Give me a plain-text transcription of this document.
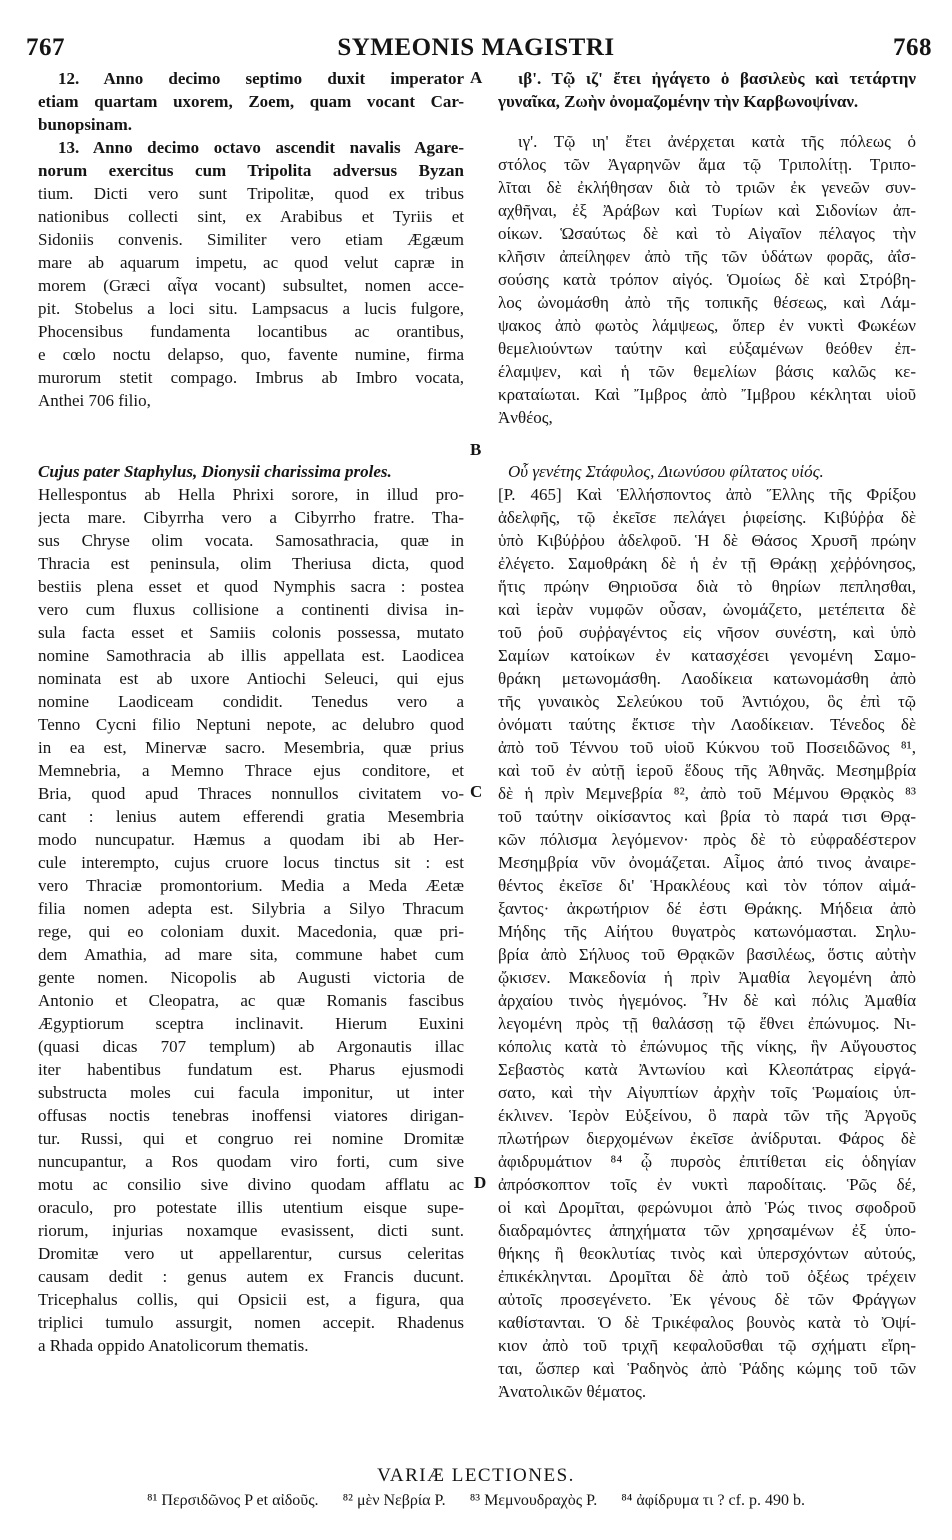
767	SYMEONIS MAGISTRI	768
12. Anno decimo septimo duxit imperator
etiam quartam uxorem, Zoem, quam vocant Car-
bunopsinam.
13. Anno decimo octavo ascendit navalis Agare-
norum exercitus cum Tripolita adversus Byzan
tium. Dicti vero sunt Tripolitæ, quod ex tribus
nationibus collecti sint, ex Arabibus et Tyriis et
Sidoniis convenis. Similiter vero etiam Ægæum
mare ab aquarum impetu, ac quod velut capræ in
morem (Græci αἶγα vocant) subsultet, nomen acce-
pit. Stobelus a loci situ. Lampsacus a lucis fulgore,
Phocensibus fundamenta locantibus ac orantibus,
e cœlo noctu delapso, quo, favente numine, firma
murorum stetit compago. Imbrus ab Imbro vocata,
Anthei 706 filio,
Cujus pater Staphylus, Dionysii charissima proles.
Hellespontus ab Hella Phrixi sorore, in illud pro-
jecta mare. Cibyrrha vero a Cibyrrho fratre. Tha-
sus Chryse olim vocata. Samosathracia, quæ in
Thracia est peninsula, olim Theriusa dicta, quod
bestiis plena esset et quod Nymphis sacra : postea
vero cum fluxus collisione a continenti divisa in-
sula facta esset et Samiis colonis possessa, mutato
nomine Samothracia ab illis appellata est. Laodicea
nominata est ab uxore Antiochi Seleuci, qui ejus
nomine Laodiceam condidit. Tenedus vero a
Tenno Cycni filio Neptuni nepote, ac delubro quod
in ea est, Minervæ sacro. Mesembria, quæ prius
Memnebria, a Memno Thrace ejus conditore, et
Bria, quod apud Thraces nonnullos civitatem vo-
cant : lenius autem efferendi gratia Mesembria
modo nuncupatur. Hæmus a quodam ibi ab Her-
cule interempto, cujus cruore locus tinctus sit : est
vero Thraciæ promontorium. Media a Meda Æetæ
filia nomen adepta est. Silybria a Silyo Thracum
rege, qui eo coloniam duxit. Macedonia, quæ pri-
dem Amathia, ad mare sita, commune habet cum
gente nomen. Nicopolis ab Augusti victoria de
Antonio et Cleopatra, ac quæ Romanis fascibus
Ægyptiorum sceptra inclinavit. Hierum Euxini
(quasi dicas 707 templum) ab Argonautis illac
iter habentibus fundatum est. Pharus ejusmodi
substructa moles cui facula imponitur, ut inter
offusas noctis tenebras inoffensi viatores dirigan-
tur. Russi, qui et congruo rei nomine Dromitæ
nuncupantur, a Ros quodam viro forti, cum sive
motu ac consilio sive divino quodam afflatu ac
oraculo, pro potestate illis utentium eisque supe-
riorum, injurias noxamque evasissent, dicti sunt.
Dromitæ vero ut appellarentur, cursus celeritas
causam dedit : genus autem ex Francis ducunt.
Tricephalus collis, qui Opsicii est, a figura, qua
triplici tumulo assurgit, nomen accepit. Rhadenus
a Rhada oppido Anatolicorum thematis.
A
B
C
D
ιβ'. Τῷ ιζ' ἔτει ἠγάγετο ὁ βασιλεὺς καὶ τετάρτην
γυναῖκα, Ζωὴν ὀνομαζομένην τὴν Καρβωνοψίναν.
ιγ'. Τῷ ιη' ἔτει ἀνέρχεται κατὰ τῆς πόλεως ὁ
στόλος τῶν Ἀγαρηνῶν ἅμα τῷ Τριπολίτῃ. Τριπο-
λῖται δὲ ἐκλήθησαν διὰ τὸ τριῶν ἐκ γενεῶν συν-
αχθῆναι, ἐξ Ἀράβων καὶ Τυρίων καὶ Σιδονίων ἀπ-
οίκων. Ὡσαύτως δὲ καὶ τὸ Αἰγαῖον πέλαγος τὴν
κλῆσιν ἀπείληφεν ἀπὸ τῆς τῶν ὑδάτων φορᾶς, ἀΐσ-
σούσης κατὰ τρόπον αἰγός. Ὁμοίως δὲ καὶ Στρόβη-
λος ὠνομάσθη ἀπὸ τῆς τοπικῆς θέσεως, καὶ Λάμ-
ψακος ἀπὸ φωτὸς λάμψεως, ὅπερ ἐν νυκτὶ Φωκέων
θεμελιούντων ταύτην καὶ εὐξαμένων θεόθεν ἐπ-
έλαμψεν, καὶ ἡ τῶν θεμελίων βάσις καλῶς κε-
κραταίωται. Καὶ Ἴμβρος ἀπὸ Ἴμβρου κέκληται υἱοῦ
Ἀνθέος,
Οὗ γενέτης Στάφυλος, Διωνύσου φίλτατος υἱός.
[P. 465] Καὶ Ἑλλήσποντος ἀπὸ Ἕλλης τῆς Φρίξου
ἀδελφῆς, τῷ ἐκεῖσε πελάγει ῥιφείσης. Κιβύῤῥα δὲ
ὑπὸ Κιβύῤῥου ἀδελφοῦ. Ἡ δὲ Θάσος Χρυσῆ πρώην
ἐλέγετο. Σαμοθράκη δὲ ἡ ἐν τῇ Θράκῃ χεῤῥόνησος,
ἥτις πρώην Θηριοῦσα διὰ τὸ θηρίων πεπλησθαι,
καὶ ἱερὰν νυμφῶν οὖσαν, ὠνομάζετο, μετέπειτα δὲ
τοῦ ῥοῦ συῤῥαγέντος εἰς νῆσον συνέστη, καὶ ὑπὸ
Σαμίων κατοίκων ἐν κατασχέσει γενομένη Σαμο-
θράκη μετωνομάσθη. Λαοδίκεια κατωνομάσθη ἀπὸ
τῆς γυναικὸς Σελεύκου τοῦ Ἀντιόχου, ὃς ἐπὶ τῷ
ὀνόματι ταύτης ἔκτισε τὴν Λαοδίκειαν. Τένεδος δὲ
ἀπὸ τοῦ Τέννου τοῦ υἱοῦ Κύκνου τοῦ Ποσειδῶνος ⁸¹,
καὶ τοῦ ἐν αὐτῇ ἱεροῦ ἕδους τῆς Ἀθηνᾶς. Μεσημβρία
δὲ ἡ πρὶν Μεμνεβρία ⁸², ἀπὸ τοῦ Μέμνου Θρᾳκὸς ⁸³
τοῦ ταύτην οἰκίσαντος καὶ βρία τὸ παρά τισι Θρᾳ-
κῶν πόλισμα λεγόμενον· πρὸς δὲ τὸ εὐφραδέστερον
Μεσημβρία νῦν ὀνομάζεται. Αἶμος ἀπό τινος ἀναιρε-
θέντος ἐκεῖσε δι' Ἡρακλέους καὶ τὸν τόπον αἱμά-
ξαντος· ἀκρωτήριον δέ ἐστι Θράκης. Μήδεια ἀπὸ
Μήδης τῆς Αἰήτου θυγατρὸς κατωνόμασται. Σηλυ-
βρία ἀπὸ Σήλυος τοῦ Θρᾳκῶν βασιλέως, ὅστις αὐτὴν
ᾤκισεν. Μακεδονία ἡ πρὶν Ἀμαθία λεγομένη ἀπὸ
ἀρχαίου τινὸς ἡγεμόνος. Ἦν δὲ καὶ πόλις Ἀμαθία
λεγομένη πρὸς τῇ θαλάσσῃ τῷ ἔθνει ἐπώνυμος. Νι-
κόπολις κατὰ τὸ ἐπώνυμος τῆς νίκης, ἣν Αὔγουστος
Σεβαστὸς κατὰ Ἀντωνίου καὶ Κλεοπάτρας εἰργά-
σατο, καὶ τὴν Αἰγυπτίων ἀρχὴν τοῖς Ῥωμαίοις ὑπ-
έκλινεν. Ἱερὸν Εὐξείνου, ὃ παρὰ τῶν τῆς Ἀργοῦς
πλωτήρων διερχομένων ἐκεῖσε ἀνίδρυται. Φάρος δὲ
ἀφιδρυμάτιον ⁸⁴ ᾧ πυρσὸς ἐπιτίθεται εἰς ὁδηγίαν
ἀπρόσκοπτον τοῖς ἐν νυκτὶ παροδίταις. Ῥῶς δέ,
οἱ καὶ Δρομῖται, φερώνυμοι ἀπὸ Ῥώς τινος σφοδροῦ
διαδραμόντες ἀπηχήματα τῶν χρησαμένων ἐξ ὑπο-
θήκης ἢ θεοκλυτίας τινὸς καὶ ὑπερσχόντων αὐτούς,
ἐπικέκληνται. Δρομῖται δὲ ἀπὸ τοῦ ὀξέως τρέχειν
αὐτοῖς προσεγένετο. Ἐκ γένους δὲ τῶν Φράγγων
καθίστανται. Ὁ δὲ Τρικέφαλος βουνὸς κατὰ τὸ Ὀψί-
κιον ἀπὸ τοῦ τριχῆ κεφαλοῦσθαι τῷ σχήματι εἴρη-
ται, ὥσπερ καὶ Ῥαδηνὸς ἀπὸ Ῥάδης κώμης τοῦ τῶν
Ἀνατολικῶν θέματος.
VARIÆ LECTIONES.
⁸¹ Περσιδῶνος P et αἰδοῦς. ⁸² μὲν Νεβρία P. ⁸³ Μεμνουδραχὸς P. ⁸⁴ ἀφίδρυμα τι ? cf. p. 490 b.
